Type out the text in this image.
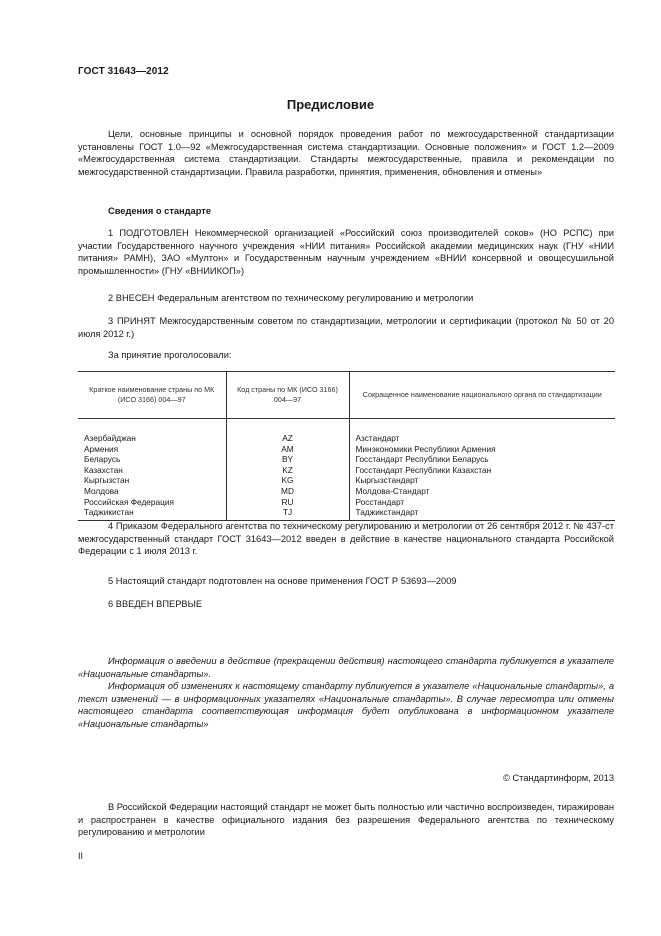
ГОСТ 31643—2012
Предисловие

Цели, основные принципы и основной порядок проведения работ по межгосударственной стандартизации установлены ГОСТ 1.0—92 «Межгосударственная система стандартизации. Основные положения» и ГОСТ 1.2—2009 «Межгосударственная система стандартизации. Стандарты межгосударственные, правила и рекомендации по межгосударственной стандартизации. Правила разработки, принятия, применения, обновления и отмены»

Сведения о стандарте

1 ПОДГОТОВЛЕН Некоммерческой организацией «Российский союз производителей соков» (НО РСПС) при участии Государственного научного учреждения «НИИ питания» Российской академии медицинских наук (ГНУ «НИИ питания» РАМН), ЗАО «Мултон» и Государственным научным учреждением «ВНИИ консервной и овощесушильной промышленности» (ГНУ «ВНИИКОП»)

2 ВНЕСЕН Федеральным агентством по техническому регулированию и метрологии

3 ПРИНЯТ Межгосударственным советом по стандартизации, метрологии и сертификации (протокол № 50 от 20 июля 2012 г.)

За принятие проголосовали:
Краткое наименование страны по МК (ИСО 3166) 004—97	Код страны по МК (ИСО 3166) 004—97	Сокращенное наименование национального органа по стандартизации
Азербайджан	AZ	Азстандарт
Армения	AM	Минэкономики Республики Армения
Беларусь	BY	Госстандарт Республики Беларусь
Казахстан	KZ	Госстандарт Республики Казахстан
Кыргызстан	KG	Кыргызстандарт
Молдова	MD	Молдова-Стандарт
Российская Федерация	RU	Росстандарт
Таджикистан	TJ	Таджикстандарт

4 Приказом Федерального агентства по техническому регулированию и метрологии от 26 сентября 2012 г. № 437-ст межгосударственный стандарт ГОСТ 31643—2012 введен в действие в качестве национального стандарта Российской Федерации с 1 июля 2013 г.

5 Настоящий стандарт подготовлен на основе применения ГОСТ Р 53693—2009

6 ВВЕДЕН ВПЕРВЫЕ

Информация о введении в действие (прекращении действия) настоящего стандарта публикуется в указателе «Национальные стандарты».

Информация об изменениях к настоящему стандарту публикуется в указателе «Национальные стандарты», а текст изменений — в информационных указателях «Национальные стандарты». В случае пересмотра или отмены настоящего стандарта соответствующая информация будет опубликована в информационном указателе «Национальные стандарты»

© Стандартинформ, 2013

В Российской Федерации настоящий стандарт не может быть полностью или частично воспроизведен, тиражирован и распространен в качестве официального издания без разрешения Федерального агентства по техническому регулированию и метрологии

II
